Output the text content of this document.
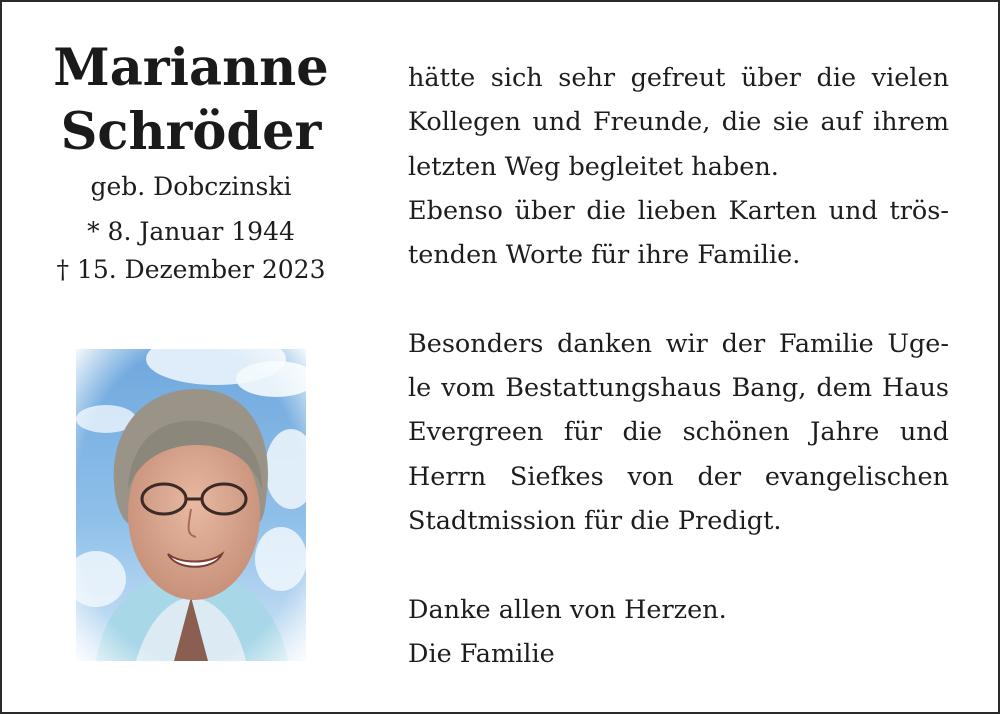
Marianne
Schröder
geb. Dobczinski
* 8. Januar 1944
† 15. Dezember 2023
hätte sich sehr gefreut über die vielen
Kollegen und Freunde, die sie auf ihrem
letzten Weg begleitet haben.
Ebenso über die lieben Karten und trös-
tenden Worte für ihre Familie.
Besonders danken wir der Familie Uge-
le vom Bestattungshaus Bang, dem Haus
Evergreen für die schönen Jahre und
Herrn Siefkes von der evangelischen
Stadtmission für die Predigt.
Danke allen von Herzen.
Die Familie
